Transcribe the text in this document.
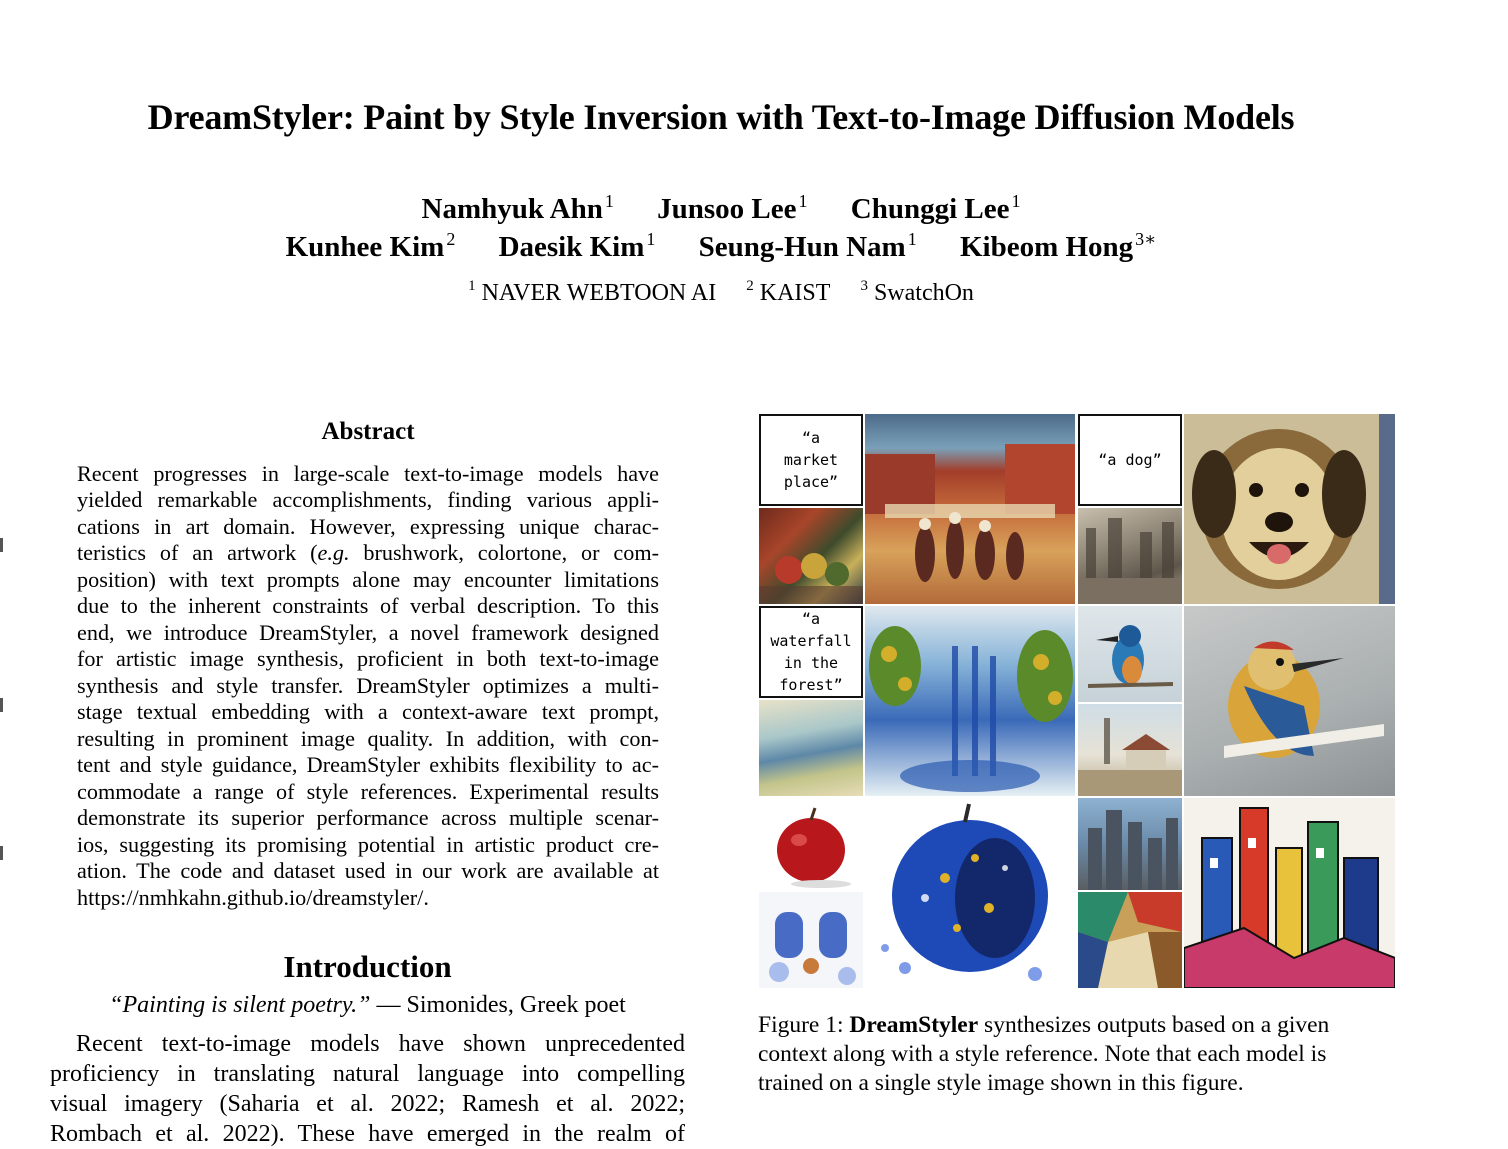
DreamStyler: Paint by Style Inversion with Text-to-Image Diffusion Models
Namhyuk Ahn $^1$ Junsoo Lee $^1$ Chunggi Lee $^1$
Kunhee Kim $^2$ Daesik Kim $^1$ Seung-Hun Nam $^1$ Kibeom Hong $^{3∗}$
$^1$ NAVER WEBTOON AI $^2$ KAIST $^3$ SwatchOn
Abstract
Recent progresses in large-scale text-to-image models have
yielded remarkable accomplishments, finding various appli-
cations in art domain. However, expressing unique charac-
teristics of an artwork (e.g. brushwork, colortone, or com-
position) with text prompts alone may encounter limitations
due to the inherent constraints of verbal description. To this
end, we introduce DreamStyler, a novel framework designed
for artistic image synthesis, proficient in both text-to-image
synthesis and style transfer. DreamStyler optimizes a multi-
stage textual embedding with a context-aware text prompt,
resulting in prominent image quality. In addition, with con-
tent and style guidance, DreamStyler exhibits flexibility to ac-
commodate a range of style references. Experimental results
demonstrate its superior performance across multiple scenar-
ios, suggesting its promising potential in artistic product cre-
ation. The code and dataset used in our work are available at
https://nmhkahn.github.io/dreamstyler/.
Introduction
“Painting is silent poetry.” — Simonides, Greek poet
Recent text-to-image models have shown unprecedented
proficiency in translating natural language into compelling
visual imagery (Saharia et al. 2022; Ramesh et al. 2022;
Rombach et al. 2022). These have emerged in the realm of
“a market place”
“a dog”
“a waterfall in the forest”
Figure 1: DreamStyler synthesizes outputs based on a given
context along with a style reference. Note that each model is
trained on a single style image shown in this figure.
